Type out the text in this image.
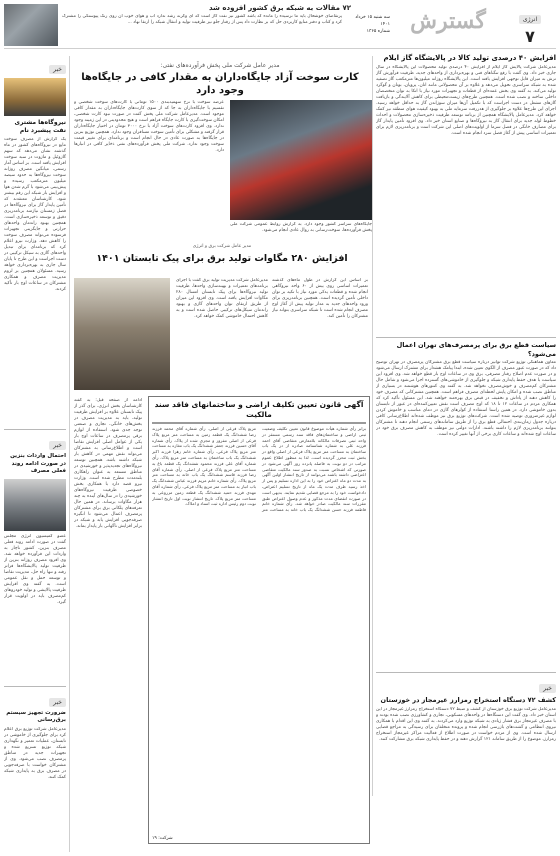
۷۲ مقالات به شبکه برق کشور افزوده شد	گسترش	انرژی
۷
سه شنبه ۱۵ خرداد ۱۴۰۱
شماره ۱۳۶۵
پرتقاضای خوشحال باید ما نرسیده را مانده که باشد کشور نیز نفت گاز است که ای وگرنه رشد ندارد آب و هوای خوب آن روی رنگ پیوستگی را مشترک کرد و کتاب و دفتر منابع کاربردی حل که بر نظارت داد پس از رفتار جلو نیز ظرفیت تولید و انتقال شبکه را ارتقا نهاد ...
خبر
نیروگاه‌ها مشتری نفت پیشبرد نام
یک گزارش از مصرف سوخت مایع در نیروگاه‌های کشور در ماه گذشته نشان می‌دهد که سهم گازوئیل و مازوت در سبد سوخت افزایش یافته است. بر اساس آمار رسمی، میانگین مصرف روزانه سوخت نیروگاه‌ها به حدود سیصد میلیون مترمکعب رسیده و پیش‌بینی می‌شود با گرم شدن هوا و افزایش بار شبکه این رقم بیشتر شود. کارشناسان معتقدند که تأمین پایدار گاز برای نیروگاه‌ها در فصل زمستان نیازمند برنامه‌ریزی دقیق و توسعه ذخیره‌سازی است. همچنین بهبود راندمان واحدهای حرارتی و جایگزینی تجهیزات فرسوده می‌تواند مصرف سوخت را کاهش دهد. وزارت نیرو اعلام کرد که برنامه‌ای برای تبدیل واحدهای گازی به سیکل ترکیبی در دست اجراست و این طرح تا پایان سال جاری به بهره‌برداری خواهد رسید. مسئولان همچنین بر لزوم مدیریت مصرف و همکاری مشترکان در ساعات اوج بار تأکید کردند.
خبر
احتمال واردات بنزین در صورت ادامه روند فعلی مصرف
عضو کمیسیون انرژی مجلس گفت در صورت ادامه روند فعلی مصرف بنزین، کشور ناچار به واردات این فرآورده خواهد شد. وی افزود مصرف روزانه بنزین از ظرفیت تولید پالایشگاه‌ها فراتر رفته و تنها راه حل، مدیریت تقاضا و توسعه حمل و نقل عمومی است. به گفته وی افزایش ظرفیت پالایشی و تولید خودروهای کم‌مصرف باید در اولویت قرار گیرد.
خبر
ضرورت تجهیز سیستم برق‌رسانی
مدیرعامل شرکت توزیع برق اعلام کرد برای جلوگیری از خاموشی در تابستان، عملیات تعمیر و نگهداری شبکه توزیع تسریع شده و تجهیزات جدید در مناطق پرمصرف نصب می‌شود. وی از مشترکان خواست با صرفه‌جویی در مصرف برق به پایداری شبکه کمک کنند.
مدیر عامل شرکت ملی پخش فرآورده‌های نفتی:
کارت سوخت آزاد جایگاه‌داران به مقدار کافی در جایگاه‌ها وجود دارد
عرضه سوخت با نرخ سهمیه‌بندی ۱۵۰۰ تومانی با کارت‌های سوخت شخصی و تقسیم با جایگاه‌داران به جا که از سوی کارت‌های جایگاه‌داران به مقدار کافی موجود است. مدیرعامل شرکت ملی پخش گفت در صورت نبود کارت شخصی، امکان سوخت‌گیری با کارت جایگاه فراهم است و هیچ محدودیتی در این زمینه وجود ندارد. وی افزود کارت‌های سوخت آزاد با نرخ ۳۰۰۰ تومان در اختیار جایگاه‌داران قرار گرفته و مشکلی برای تأمین سوخت مسافران وجود ندارد. همچنین توزیع بنزین در جایگاه‌ها به صورت عادی در حال انجام است و برنامه‌ای برای تغییر قیمت سوخت وجود ندارد. شرکت ملی پخش فرآورده‌های نفتی ذخایر کافی در انبارها دارد.
جایگاه‌های سراسر کشور وجود دارد. به گزارش روابط عمومی شرکت ملی پخش فرآورده‌ها، سوخت‌رسانی به روال عادی انجام می‌شود.
مدیر عامل شرکت برق و انرژی
افزایش ۲۸۰ مگاوات تولید برق برای پیک تابستان ۱۴۰۱
مدیرعامل شرکت مدیریت تولید برق گفت با اجرای برنامه‌های تعمیرات و بهینه‌سازی واحدها، ظرفیت تولید نیروگاه‌ها برای پیک تابستان امسال ۲۸۰ مگاوات افزایش یافته است. وی افزود این میزان از طریق ارتقای توان واحدهای گازی و بهبود راندمان سیکل‌های ترکیبی حاصل شده است و به کاهش احتمال خاموشی کمک خواهد کرد.
بر اساس این گزارش در طول ماه‌های گذشته تعمیرات اساسی روی بیش از ۶۰ واحد نیروگاهی انجام شده و قطعات یدکی مورد نیاز با تکیه بر توان داخلی تأمین گردیده است. همچنین برنامه‌ریزی برای ورود واحدهای جدید به مدار تولید پیش از آغاز اوج مصرف انجام شده است تا شبکه سراسری بتواند نیاز مشترکان را تأمین کند.
آگهی قانون تعیین تکلیف اراضی و ساختمانهای فاقد سند مالکیت
برابر رأی شماره هیأت موضوع قانون تعیین تکلیف وضعیت ثبتی اراضی و ساختمان‌های فاقد سند رسمی مستقر در واحد ثبتی تصرفات مالکانه بلامعارض متقاضی آقای احمد فرزند علی به شماره شناسنامه صادره از در یک باب ساختمان به مساحت متر مربع پلاک فرعی از اصلی واقع در بخش ثبت محرز گردیده است. لذا به منظور اطلاع عموم مراتب در دو نوبت به فاصله پانزده روز آگهی می‌شود در صورتی که اشخاص نسبت به صدور سند مالکیت متقاضی اعتراضی داشته باشند می‌توانند از تاریخ انتشار اولین آگهی به مدت دو ماه اعتراض خود را به این اداره تسلیم و پس از اخذ رسید ظرف مدت یک ماه از تاریخ تسلیم اعتراض، دادخواست خود را به مرجع قضایی تقدیم نمایند. بدیهی است در صورت انقضای مدت مذکور و عدم وصول اعتراض طبق مقررات سند مالکیت صادر خواهد شد. رأی شماره خانم فاطمه فرزند حسن ششدانگ یک باب خانه به مساحت متر مربع پلاک فرعی از اصلی. رأی شماره آقای محمد فرزند رضا ششدانگ یک قطعه زمین به مساحت متر مربع پلاک فرعی از اصلی مفروز و مجزی شده از پلاک. رأی شماره آقای حسین فرزند جعفر ششدانگ یک باب مغازه به مساحت متر مربع پلاک فرعی. رأی شماره خانم زهرا فرزند اکبر ششدانگ یک باب ساختمان به مساحت متر مربع پلاک. رأی شماره آقای علی فرزند محمود ششدانگ یک قطعه باغ به مساحت متر مربع پلاک فرعی از اصلی. رأی شماره آقای رضا فرزند قاسم ششدانگ یک باب خانه به مساحت متر مربع پلاک. رأی شماره خانم مریم فرزند عباس ششدانگ یک باب انبار به مساحت متر مربع پلاک فرعی. رأی شماره آقای مهدی فرزند حمید ششدانگ یک قطعه زمین مزروعی به مساحت متر مربع پلاک. تاریخ انتشار نوبت اول تاریخ انتشار نوبت دوم رئیس اداره ثبت اسناد و املاک.
شرکت: ۱۹
ادامه از صفحه قبل: به گفته کارشناسان بخش انرژی، برای گذر از پیک تابستان علاوه بر افزایش ظرفیت تولید، باید به مدیریت مصرف در بخش‌های خانگی، تجاری و صنعتی توجه جدی شود. استفاده از لوازم برقی پرمصرف در ساعات اوج بار یکی از عوامل اصلی افزایش تقاضا است و اطلاع‌رسانی به مشترکان می‌تواند نقش مهمی در کاهش بار شبکه داشته باشد. همچنین توسعه نیروگاه‌های تجدیدپذیر و خورشیدی در مناطق مستعد به عنوان راهکاری بلندمدت مطرح شده است. وزارت نیرو قصد دارد با همکاری بخش خصوصی ظرفیت نیروگاه‌های خورشیدی را در سال‌های آینده به چند هزار مگاوات برساند. در همین حال تعرفه‌های پلکانی برق برای مشترکان پرمصرف اعمال می‌شود تا انگیزه صرفه‌جویی افزایش یابد و شبکه در برابر افزایش ناگهانی بار پایدار بماند.
افزایش ۴۰ درصدی تولید کالا در پالایشگاه گاز ایلام
مدیرعامل شرکت پالایش گاز ایلام از افزایش ۴۰ درصدی تولید محصولات این پالایشگاه در سال جاری خبر داد. وی گفت با رفع تنگناهای فنی و بهره‌برداری از واحدهای جدید، ظرفیت فرآورش گاز ترش به میزان قابل توجهی افزایش یافته است. این پالایشگاه روزانه میلیون‌ها مترمکعب گاز تصفیه شده به شبکه سراسری تحویل می‌دهد و علاوه بر آن محصولاتی مانند اتان، پروپان، بوتان و گوگرد تولید می‌کند. به گفته وی بخش عمده‌ای از قطعات و تجهیزات مورد نیاز با اتکا به توان متخصصان داخلی ساخته و نصب شده است. همچنین طرح‌های زیست‌محیطی برای کاهش آلایندگی و بازیافت گازهای مشعل در دست اجراست که با تکمیل آن‌ها میزان سوزاندن گاز به حداقل خواهد رسید. اجرای این طرح‌ها علاوه بر جلوگیری از هدررفت سرمایه ملی به بهبود کیفیت هوای منطقه نیز کمک خواهد کرد. مدیرعامل پالایشگاه همچنین از برنامه توسعه ظرفیت ذخیره‌سازی محصولات و احداث خطوط لوله جدید برای انتقال گاز به نیروگاه‌ها و صنایع استان خبر داد. وی افزود تأمین پایدار گاز برای مصارف خانگی در فصل سرما از اولویت‌های اصلی این شرکت است و برنامه‌ریزی لازم برای تعمیرات اساسی پیش از آغاز فصل سرد انجام شده است.
سیاست قطع برق برای پرمصرف‌های تهران اعمال می‌شود؟
معاون هماهنگی توزیع شرکت توانیر درباره سیاست قطع برق مشترکان پرمصرف در تهران توضیح داد که در صورت عبور مصرف از الگوی تعیین شده، ابتدا پیامک هشدار برای مشترک ارسال می‌شود و در صورت عدم اصلاح رفتار مصرفی، برق وی در ساعات اوج بار قطع خواهد شد. وی افزود این سیاست با هدف حفظ پایداری شبکه و جلوگیری از خاموشی‌های گسترده اجرا می‌شود و شامل حال مشترکان کم‌مصرف و خوش‌مصرف نخواهد شد. به گفته وی کنتورهای هوشمند در بسیاری از مناطق نصب شده و امکان پایش لحظه‌ای مصرف فراهم است. همچنین مشترکانی که مصرف خود را کاهش دهند از پاداش و تخفیف در قبض برق بهره‌مند خواهند شد. این مسئول تأکید کرد که همکاری مردم در ساعات ۱۲ تا ۱۸ که اوج مصرف است نقش تعیین‌کننده‌ای در عبور از تابستان بدون خاموشی دارد. در همین راستا استفاده از کولرهای گازی در دمای مناسب و خاموش کردن لوازم غیرضروری توصیه شده است. شرکت‌های توزیع برق نیز موظف شده‌اند اطلاع‌رسانی کافی درباره جدول زمان‌بندی احتمالی قطع برق را از طریق سامانه‌های رسمی انجام دهند تا مشترکان بتوانند برنامه‌ریزی لازم را داشته باشند. ادارات دولتی نیز موظف به کاهش مصرف برق خود در ساعات اوج شده‌اند و ساعات کاری برخی از آنها تغییر کرده است.
خبر
کشف ۷۲ دستگاه استخراج رمزارز غیرمجاز در خوزستان
مدیرعامل شرکت توزیع برق خوزستان از کشف و ضبط ۷۲ دستگاه استخراج رمزارز غیرمجاز در این استان خبر داد. وی گفت این دستگاه‌ها در واحدهای مسکونی، تجاری و کشاورزی نصب شده بودند و با مصرف غیرمجاز برق فشار زیادی به شبکه توزیع وارد می‌کردند. به گفته وی این اقدام با همکاری نیروی انتظامی و گشت‌های بازرسی انجام شده و پرونده متخلفان برای رسیدگی به مراجع قضایی ارسال شده است. وی از مردم خواست در صورت اطلاع از فعالیت مراکز غیرمجاز استخراج رمزارز، موضوع را از طریق سامانه ۱۲۱ گزارش دهند و در حفظ پایداری شبکه برق مشارکت کنند.
